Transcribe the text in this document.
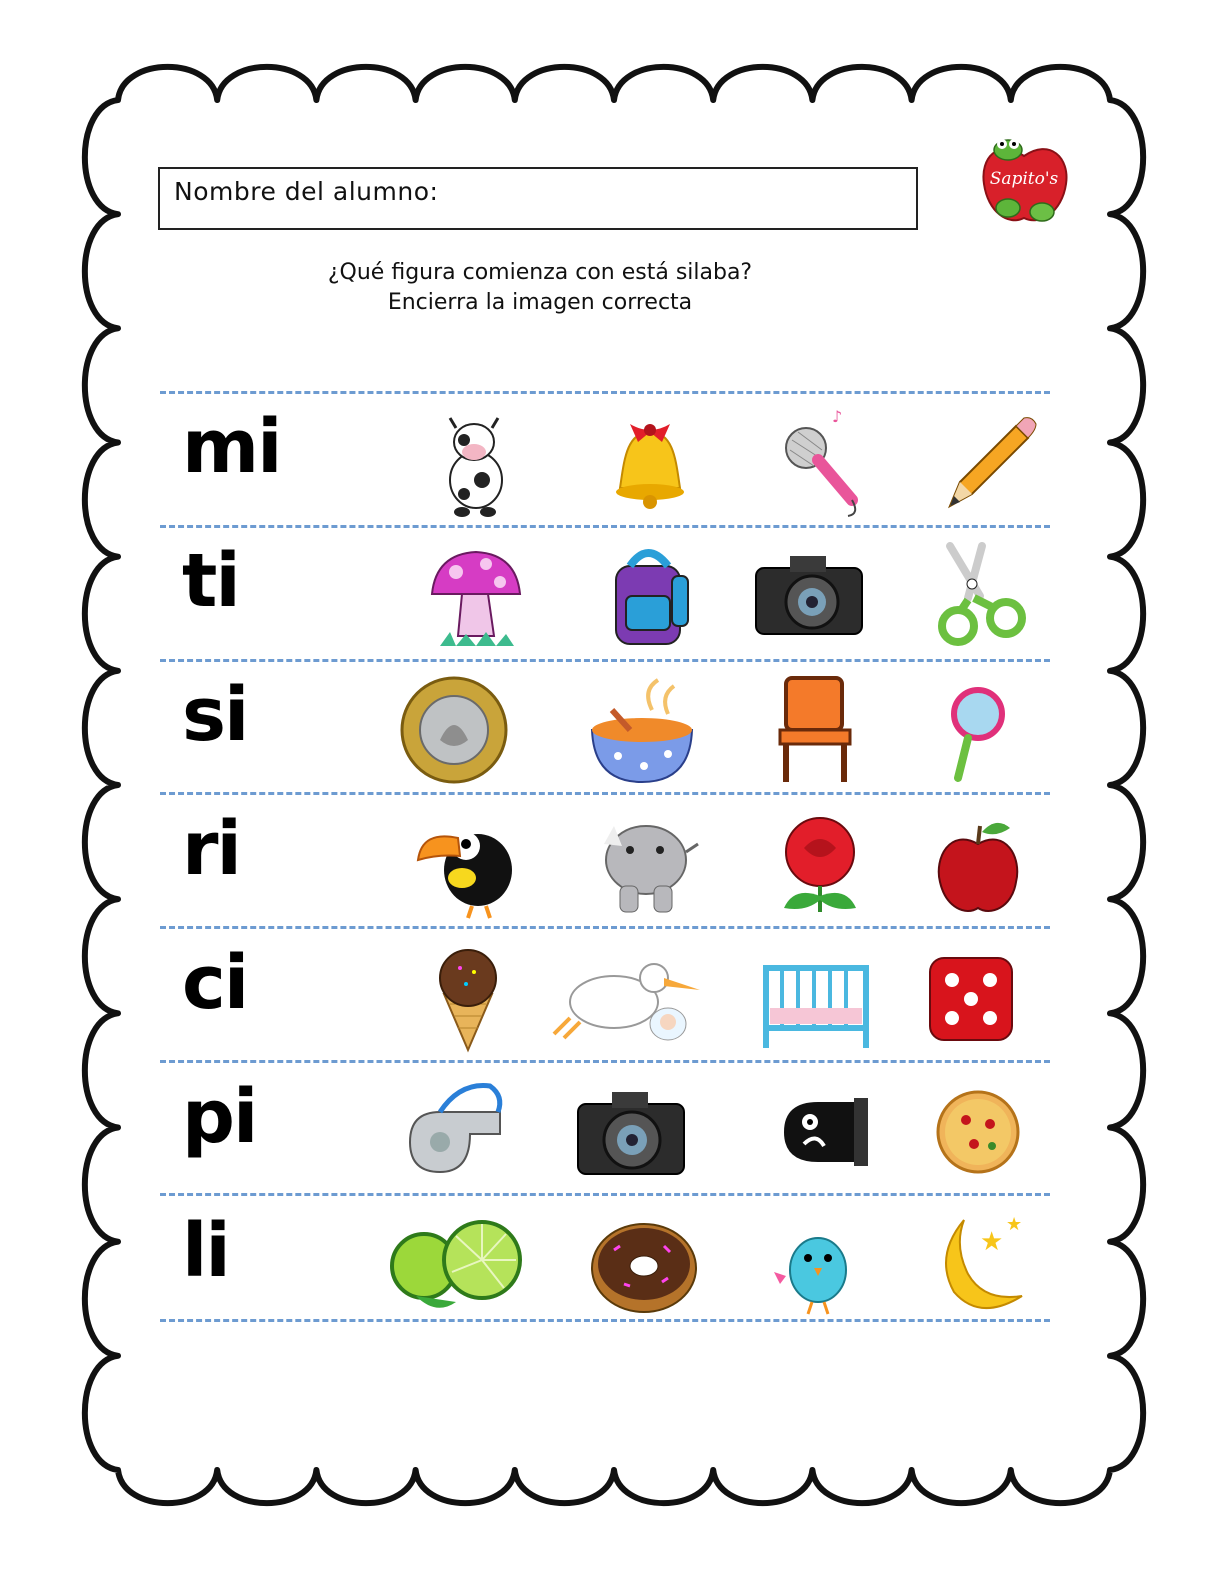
Nombre del alumno:	Sapito's
¿Qué figura comienza con está silaba?
Encierra la imagen correcta
mi	♪
ti
si
ri
ci
pi
li	★
★
